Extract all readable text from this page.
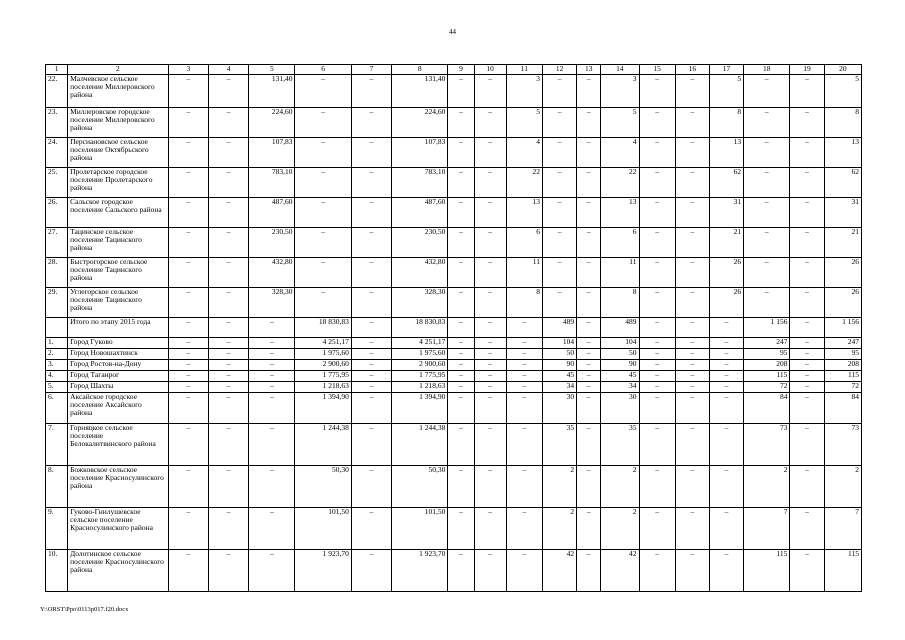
44
1	2	3	4	5	6	7	8	9	10	11	12	13	14	15	16	17	18	19	20
22.	Малчевское сельское поселение Миллеровского района	–	–	131,40	–	–	131,40	–	–	3	–	–	3	–	–	5	–	–	5
23.	Миллеровское городское поселение Миллеровского района	–	–	224,60	–	–	224,60	–	–	5	–	–	5	–	–	8	–	–	8
24.	Персиановское сельское поселение Октябрьского района	–	–	107,83	–	–	107,83	–	–	4	–	–	4	–	–	13	–	–	13
25.	Пролетарское городское поселение Пролетарского района	–	–	783,10	–	–	783,10	–	–	22	–	–	22	–	–	62	–	–	62
26.	Сальское городское поселение Сальского района	–	–	487,60	–	–	487,60	–	–	13	–	–	13	–	–	31	–	–	31
27.	Тацинское сельское поселение Тацинского района	–	–	230,50	–	–	230,50	–	–	6	–	–	6	–	–	21	–	–	21
28.	Быстрогорское сельское поселение Тацинского района	–	–	432,80	–	–	432,80	–	–	11	–	–	11	–	–	26	–	–	26
29.	Углегорское сельское поселение Тацинского района	–	–	328,30	–	–	328,30	–	–	8	–	–	8	–	–	26	–	–	26
	Итого по этапу 2015 года	–	–	–	18 830,83	–	18 830,83	–	–	–	489	–	489	–	–	–	1 156	–	1 156
1.	Город Гуково	–	–	–	4 251,17	–	4 251,17	–	–	–	104	–	104	–	–	–	247	–	247
2.	Город Новошахтинск	–	–	–	1 975,60	–	1 975,60	–	–	–	50	–	50	–	–	–	95	–	95
3.	Город Ростов-на-Дону	–	–	–	2 900,60	–	2 900,60	–	–	–	90	–	90	–	–	–	208	–	208
4.	Город Таганрог	–	–	–	1 775,95	–	1 775,95	–	–	–	45	–	45	–	–	–	115	–	115
5.	Город Шахты	–	–	–	1 218,63	–	1 218,63	–	–	–	34	–	34	–	–	–	72	–	72
6.	Аксайское городское поселение Аксайского района	–	–	–	1 394,90	–	1 394,90	–	–	–	30	–	30	–	–	–	84	–	84
7.	Горняцкое сельское поселение Белокалитвинского района	–	–	–	1 244,38	–	1 244,38	–	–	–	35	–	35	–	–	–	73	–	73
8.	Божковское сельское поселение Красносулинского района	–	–	–	50,30	–	50,30	–	–	–	2	–	2	–	–	–	2	–	2
9.	Гуково-Гнилушевское сельское поселение Красносулинского района	–	–	–	101,50	–	101,50	–	–	–	2	–	2	–	–	–	7	–	7
10.	Долотинское сельское поселение Красносулинского района	–	–	–	1 923,70	–	1 923,70	–	–	–	42	–	42	–	–	–	115	–	115
Y:\ORST\Ppo\0113p017.f20.docx
